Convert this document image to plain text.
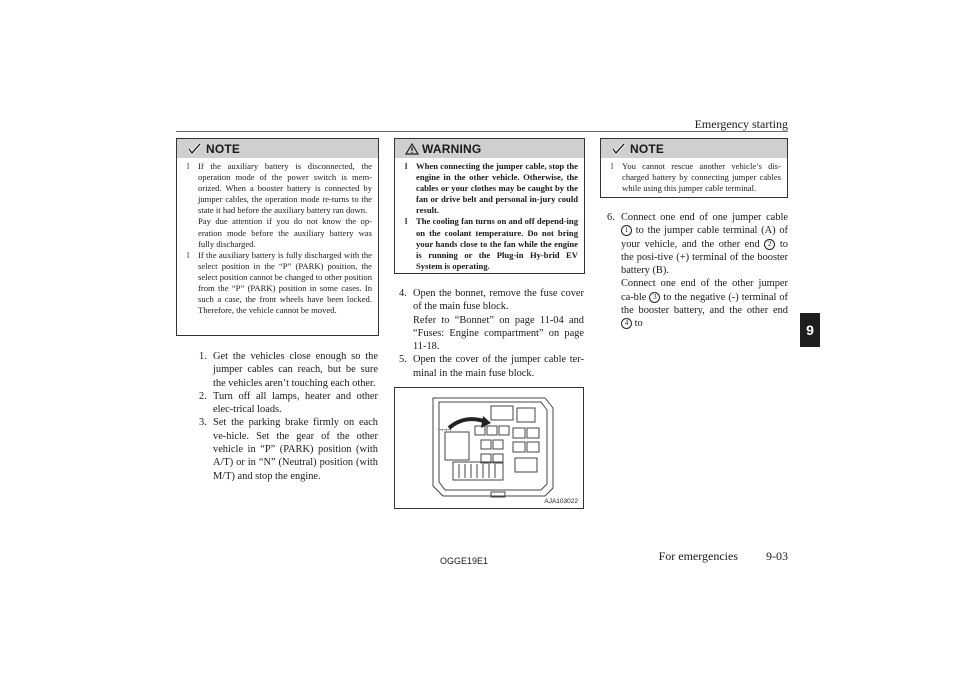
Emergency starting
9
NOTE
l If the auxiliary battery is disconnected, the operation mode of the power switch is mem-orized. When a booster battery is connected by jumper cables, the operation mode re-turns to the state it had before the auxiliary battery ran down.
Pay due attention if you do not know the op-eration mode before the auxiliary battery was fully discharged.
l If the auxiliary battery is fully discharged with the select position in the “P” (PARK) position, the select position cannot be changed to other position from the “P” (PARK) position in some cases. In such a case, the front wheels have been locked. Therefore, the vehicle cannot be moved.
1. Get the vehicles close enough so the jumper cables can reach, but be sure the vehicles aren’t touching each other.
2. Turn off all lamps, heater and other elec-trical loads.
3. Set the parking brake firmly on each ve-hicle. Set the gear of the other vehicle in “P” (PARK) position (with A/T) or in “N” (Neutral) position (with M/T) and stop the engine.
WARNING
l When connecting the jumper cable, stop the engine in the other vehicle. Otherwise, the cables or your clothes may be caught by the fan or drive belt and personal in-jury could result.
l The cooling fan turns on and off depend-ing on the coolant temperature. Do not bring your hands close to the fan while the engine is running or the Plug-in Hy-brid EV System is operating.
4. Open the bonnet, remove the fuse cover of the main fuse block.
Refer to “Bonnet” on page 11-04 and “Fuses: Engine compartment” on page 11-18.
5. Open the cover of the jumper cable ter-minal in the main fuse block.
¬¬¬
AJA103022
NOTE
l You cannot rescue another vehicle’s dis-charged battery by connecting jumper cables while using this jumper cable terminal.
6. Connect one end of one jumper cable 1 to the jumper cable terminal (A) of your vehicle, and the other end 2 to the posi-tive (+) terminal of the booster battery (B).
Connect one end of the other jumper ca-ble 3 to the negative (-) terminal of the booster battery, and the other end 4 to
OGGE19E1	For emergencies 9-03
